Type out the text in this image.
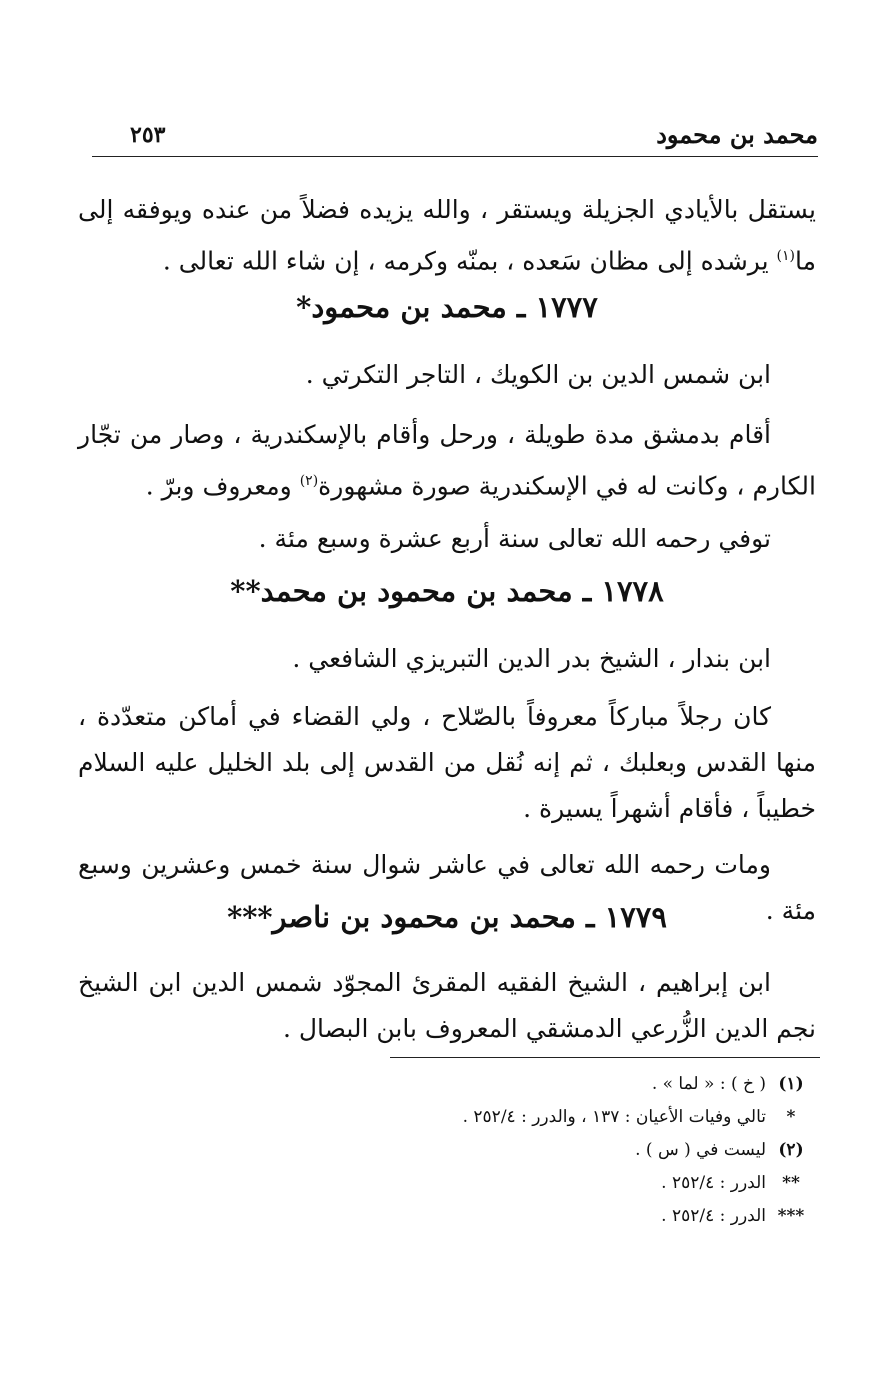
محمد بن محمود
٢٥٣

يستقل بالأيادي الجزيلة ويستقر ، والله يزيده فضلاً من عنده ويوفقه إلى ما$^{(١)}$ يرشده إلى مظان سَعده ، بمنّه وكرمه ، إن شاء الله تعالى .

١٧٧٧ ـ محمد بن محمود*

ابن شمس الدين بن الكويك ، التاجر التكرتي .

أقام بدمشق مدة طويلة ، ورحل وأقام بالإسكندرية ، وصار من تجّار الكارم ، وكانت له في الإسكندرية صورة مشهورة$^{(٢)}$ ومعروف وبرّ .

توفي رحمه الله تعالى سنة أربع عشرة وسبع مئة .

١٧٧٨ ـ محمد بن محمود بن محمد**

ابن بندار ، الشيخ بدر الدين التبريزي الشافعي .

كان رجلاً مباركاً معروفاً بالصّلاح ، ولي القضاء في أماكن متعدّدة ، منها القدس وبعلبك ، ثم إنه نُقل من القدس إلى بلد الخليل عليه السلام خطيباً ، فأقام أشهراً يسيرة .

ومات رحمه الله تعالى في عاشر شوال سنة خمس وعشرين وسبع مئة .

١٧٧٩ ـ محمد بن محمود بن ناصر***

ابن إبراهيم ، الشيخ الفقيه المقرئ المجوّد شمس الدين ابن الشيخ نجم الدين الزُّرعي الدمشقي المعروف بابن البصال .

(١)
( خ ) : « لما » .
*
تالي وفيات الأعيان : ١٣٧ ، والدرر : ٢٥٢/٤ .
(٢)
ليست في ( س ) .
**
الدرر : ٢٥٢/٤ .
***
الدرر : ٢٥٢/٤ .
